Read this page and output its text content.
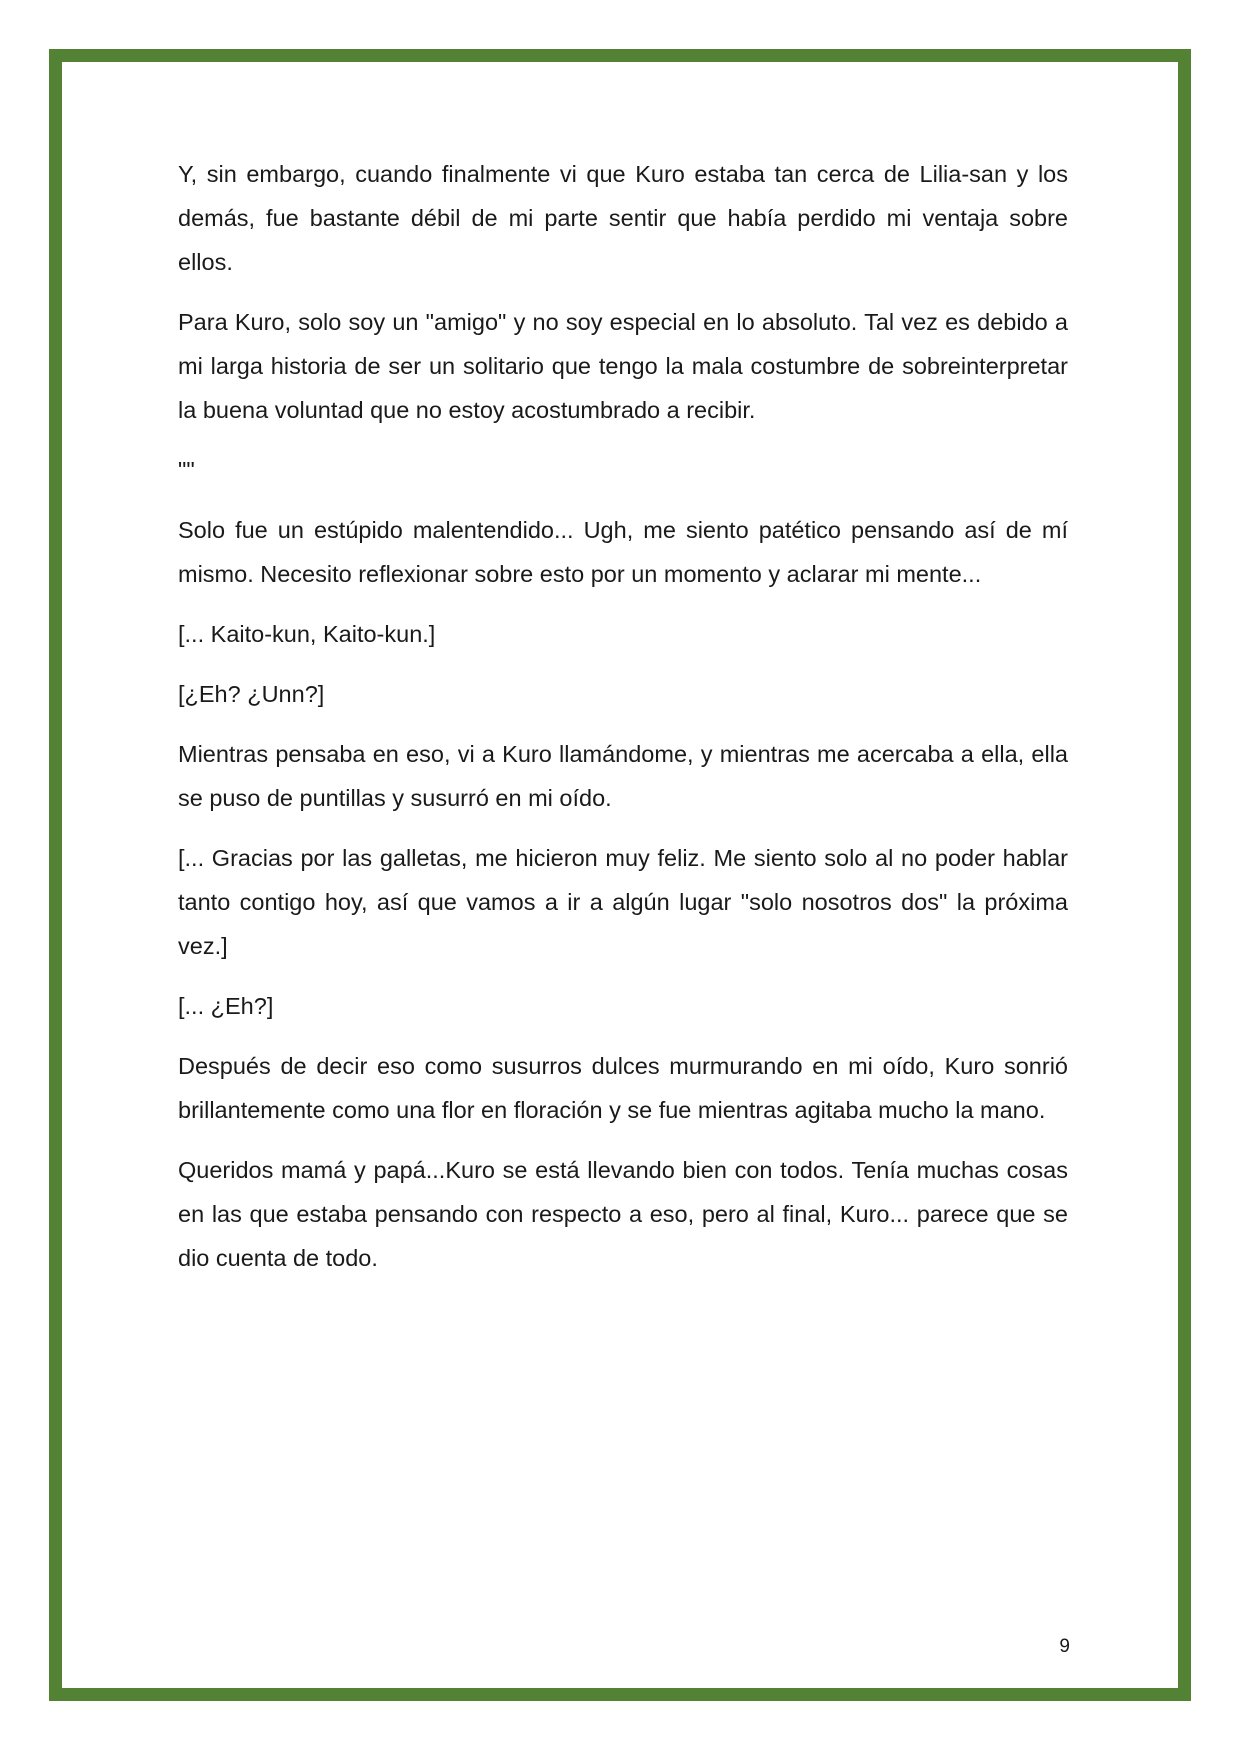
Y, sin embargo, cuando finalmente vi que Kuro estaba tan cerca de Lilia-san y los demás, fue bastante débil de mi parte sentir que había perdido mi ventaja sobre ellos.

Para Kuro, solo soy un "amigo" y no soy especial en lo absoluto. Tal vez es debido a mi larga historia de ser un solitario que tengo la mala costumbre de sobreinterpretar la buena voluntad que no estoy acostumbrado a recibir.

""

Solo fue un estúpido malentendido... Ugh, me siento patético pensando así de mí mismo. Necesito reflexionar sobre esto por un momento y aclarar mi mente...

[... Kaito-kun, Kaito-kun.]

[¿Eh? ¿Unn?]

Mientras pensaba en eso, vi a Kuro llamándome, y mientras me acercaba a ella, ella se puso de puntillas y susurró en mi oído.

[... Gracias por las galletas, me hicieron muy feliz. Me siento solo al no poder hablar tanto contigo hoy, así que vamos a ir a algún lugar "solo nosotros dos" la próxima vez.]

[... ¿Eh?]

Después de decir eso como susurros dulces murmurando en mi oído, Kuro sonrió brillantemente como una flor en floración y se fue mientras agitaba mucho la mano.

Queridos mamá y papá...Kuro se está llevando bien con todos. Tenía muchas cosas en las que estaba pensando con respecto a eso, pero al final, Kuro... parece que se dio cuenta de todo.

9
